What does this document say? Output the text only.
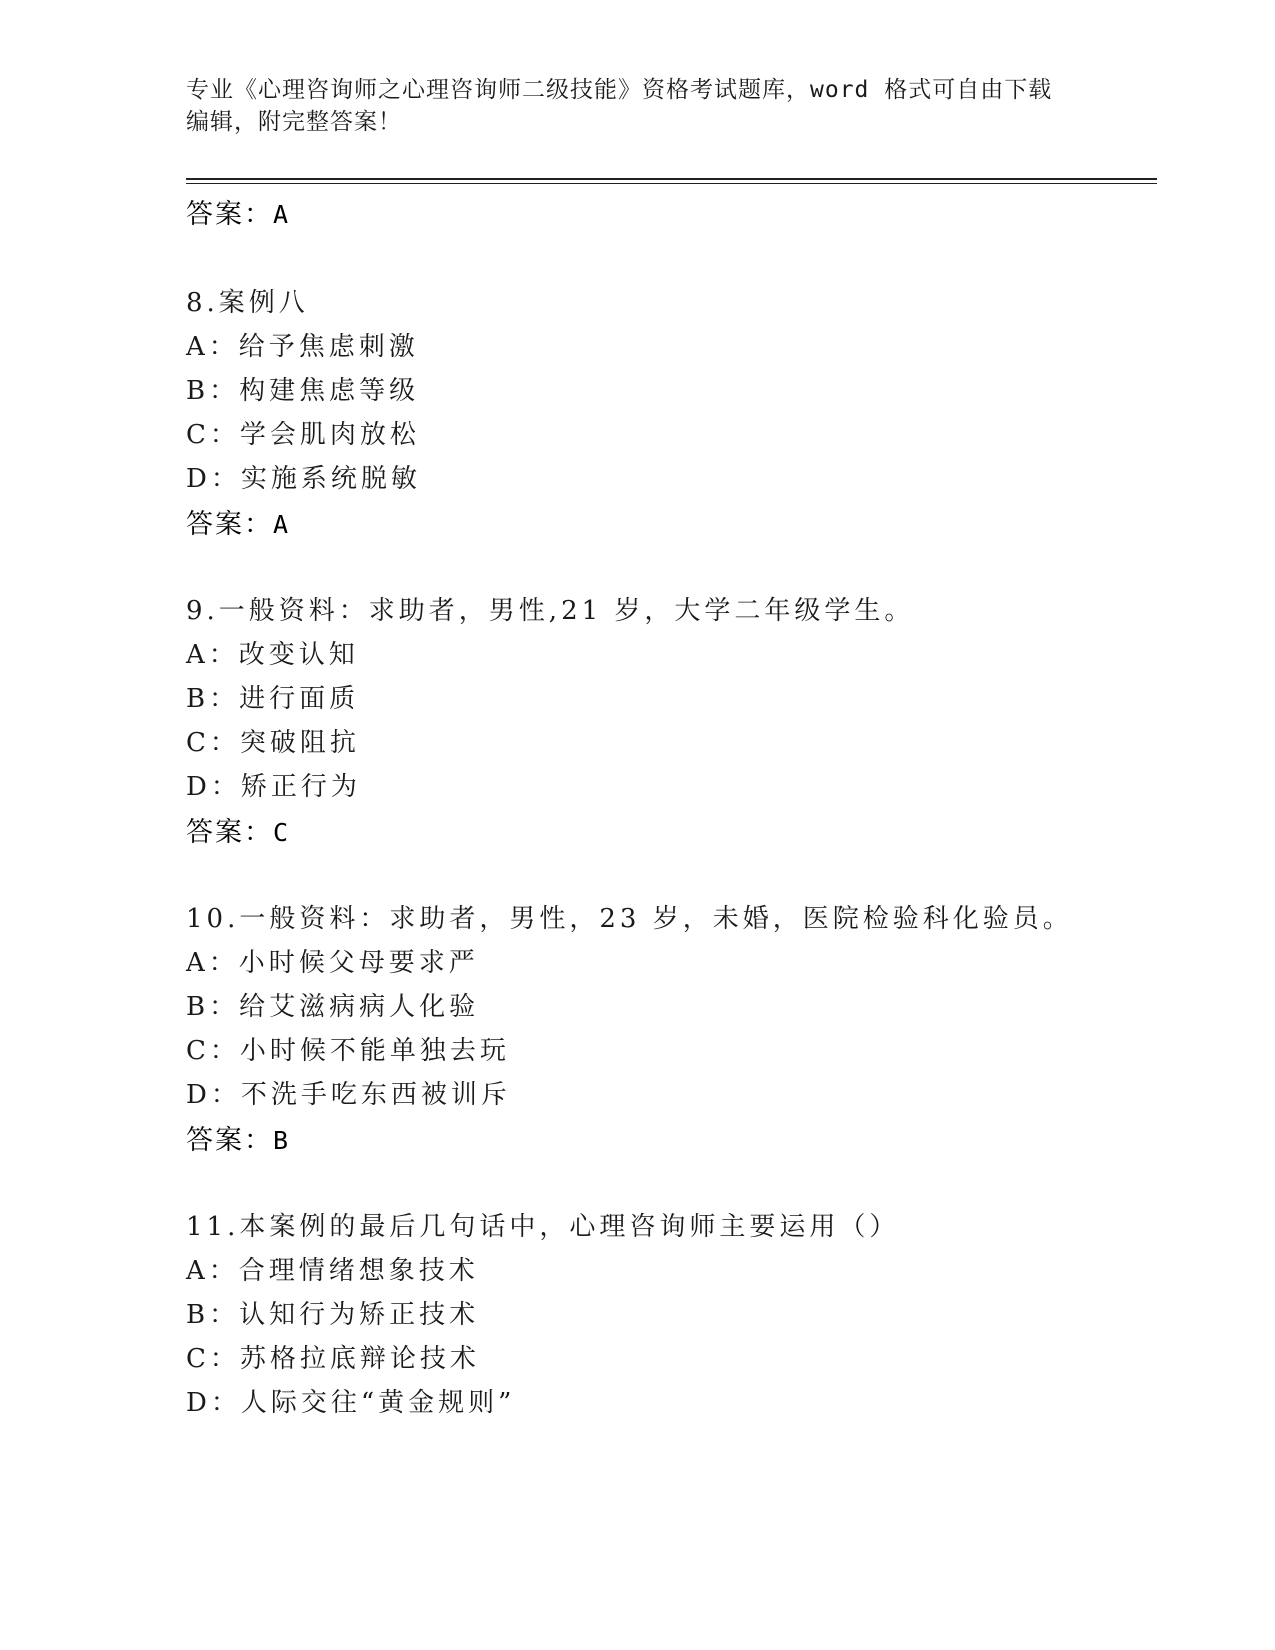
专业《心理咨询师之心理咨询师二级技能》资格考试题库，word 格式可自由下载
编辑，附完整答案！
答案：A
8.案例八
A：给予焦虑刺激
B：构建焦虑等级
C：学会肌肉放松
D：实施系统脱敏
答案：A
9.一般资料：求助者，男性,21 岁，大学二年级学生。
A：改变认知
B：进行面质
C：突破阻抗
D：矫正行为
答案：C
10.一般资料：求助者，男性，23 岁，未婚，医院检验科化验员。
A：小时候父母要求严
B：给艾滋病病人化验
C：小时候不能单独去玩
D：不洗手吃东西被训斥
答案：B
11.本案例的最后几句话中，心理咨询师主要运用（）
A：合理情绪想象技术
B：认知行为矫正技术
C：苏格拉底辩论技术
D：人际交往“黄金规则”
